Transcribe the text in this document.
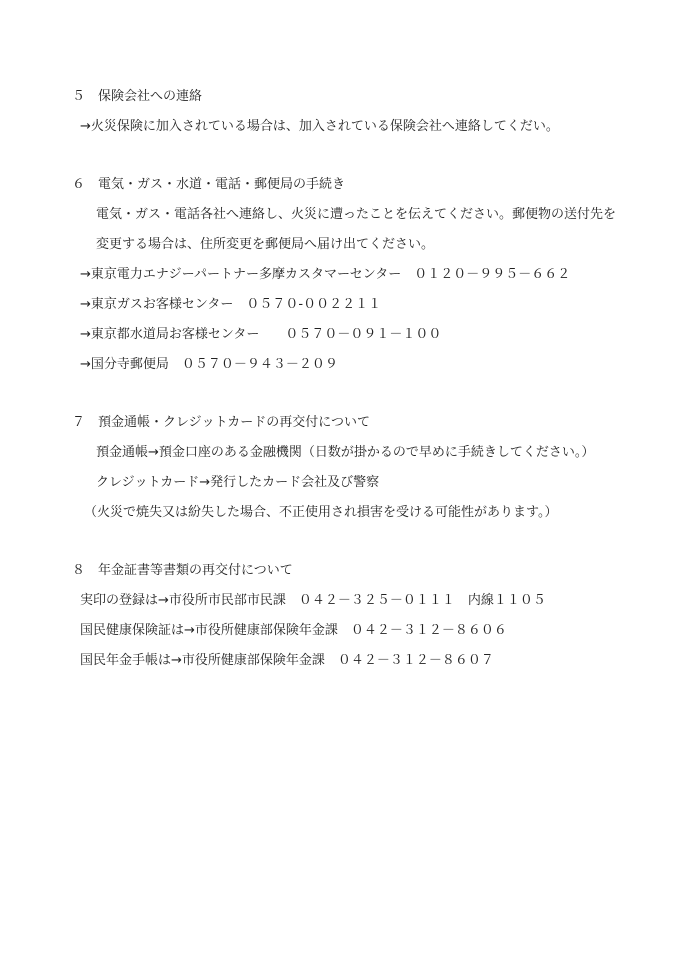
５　保険会社への連絡
→火災保険に加入されている場合は、加入されている保険会社へ連絡してくだい。
６　電気・ガス・水道・電話・郵便局の手続き
電気・ガス・電話各社へ連絡し、火災に遭ったことを伝えてください。郵便物の送付先を
変更する場合は、住所変更を郵便局へ届け出てください。
→東京電力エナジーパートナー多摩カスタマーセンター　０１２０－９９５－６６２
→東京ガスお客様センター　０５７０-００２２１１
→東京都水道局お客様センター　　０５７０－０９１－１００
→国分寺郵便局　０５７０－９４３－２０９
７　預金通帳・クレジットカードの再交付について
預金通帳→預金口座のある金融機関（日数が掛かるので早めに手続きしてください。）
クレジットカード→発行したカード会社及び警察
（火災で焼失又は紛失した場合、不正使用され損害を受ける可能性があります。）
８　年金証書等書類の再交付について
実印の登録は→市役所市民部市民課　０４２－３２５－０１１１　内線１１０５
国民健康保険証は→市役所健康部保険年金課　０４２－３１２－８６０６
国民年金手帳は→市役所健康部保険年金課　０４２－３１２－８６０７
